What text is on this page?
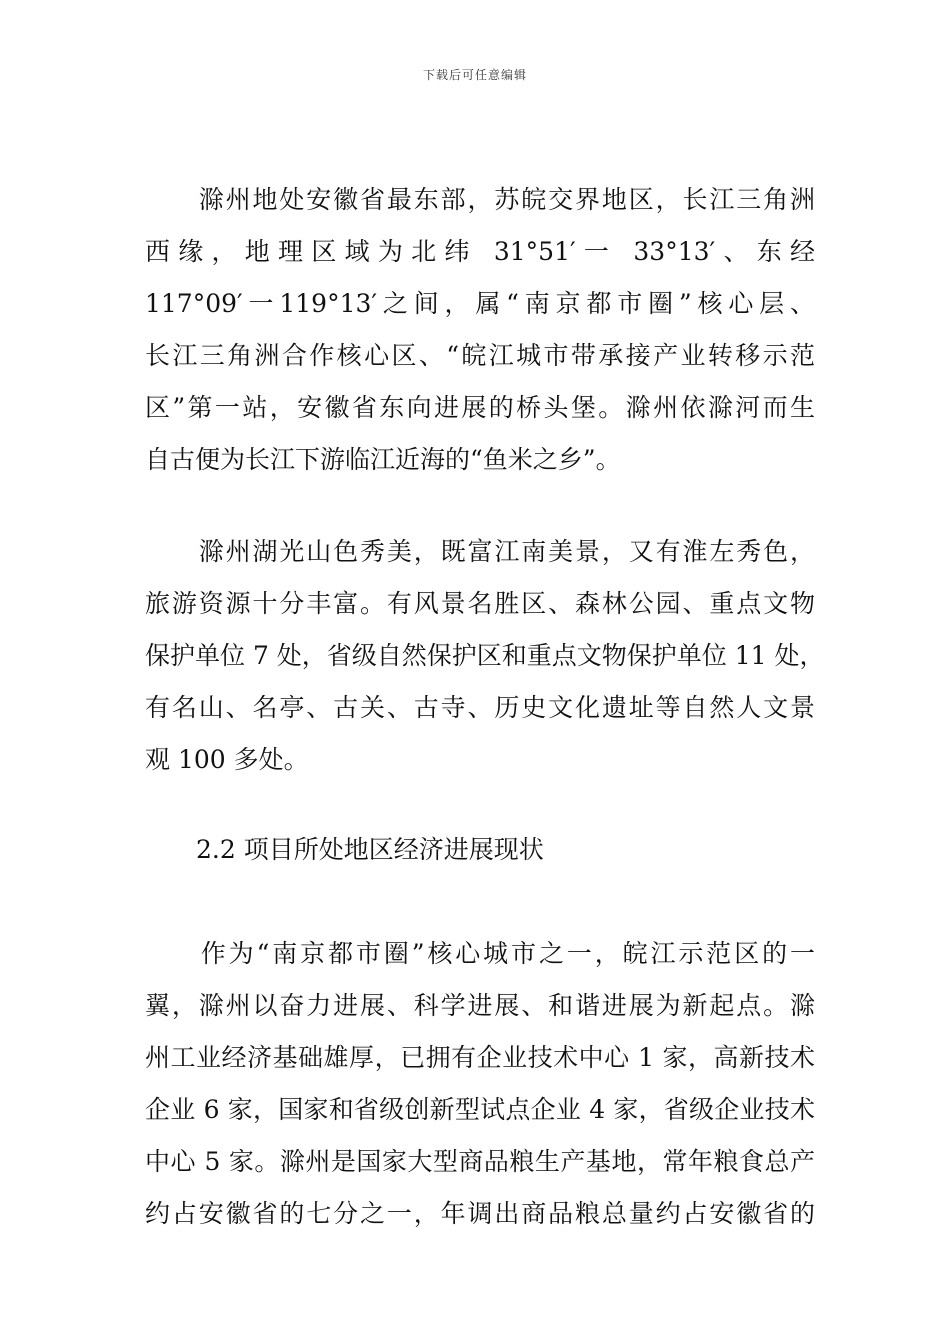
下载后可任意编辑
　　滁州地处安徽省最东部，苏皖交界地区，长江三角洲
西缘，地理区域为北纬 31°51′一 33°13′、东经
117°09′一119°13′之间，属“南京都市圈”核心层、
长江三角洲合作核心区、“皖江城市带承接产业转移示范
区”第一站，安徽省东向进展的桥头堡。滁州依滁河而生
自古便为长江下游临江近海的“鱼米之乡”。
　　滁州湖光山色秀美，既富江南美景，又有淮左秀色，
旅游资源十分丰富。有风景名胜区、森林公园、重点文物
保护单位 7 处，省级自然保护区和重点文物保护单位 11 处，
有名山、名亭、古关、古寺、历史文化遗址等自然人文景
观 100 多处。
2.2 项目所处地区经济进展现状
　　作为“南京都市圈”核心城市之一，皖江示范区的一
翼，滁州以奋力进展、科学进展、和谐进展为新起点。滁
州工业经济基础雄厚，已拥有企业技术中心 1 家，高新技术
企业 6 家，国家和省级创新型试点企业 4 家，省级企业技术
中心 5 家。滁州是国家大型商品粮生产基地，常年粮食总产
约占安徽省的七分之一，年调出商品粮总量约占安徽省的
